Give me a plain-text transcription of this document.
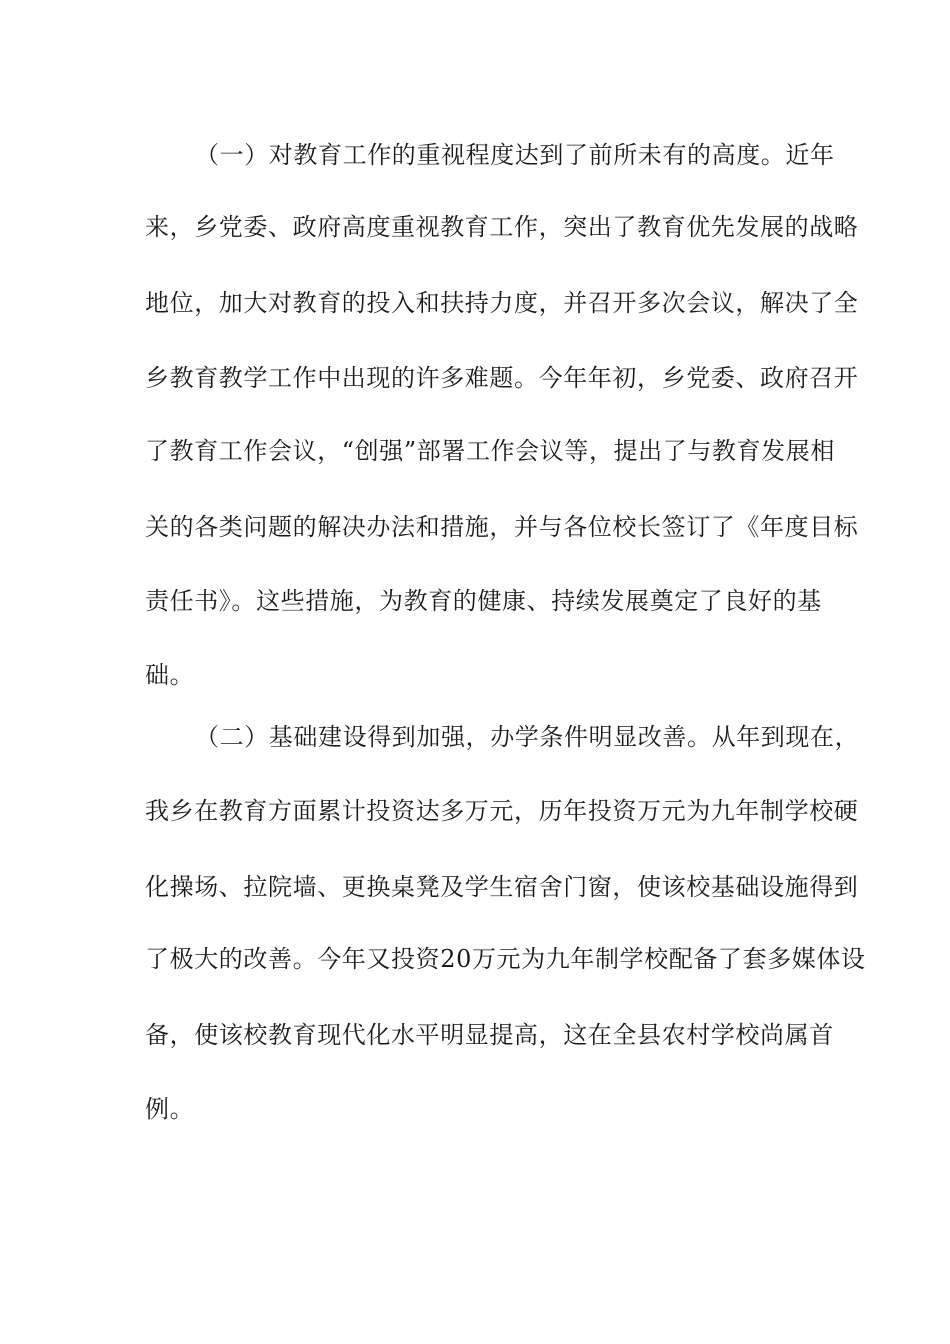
（一）对教育工作的重视程度达到了前所未有的高度。近年
来，乡党委、政府高度重视教育工作，突出了教育优先发展的战略
地位，加大对教育的投入和扶持力度，并召开多次会议，解决了全
乡教育教学工作中出现的许多难题。今年年初，乡党委、政府召开
了教育工作会议，“创强”部署工作会议等，提出了与教育发展相
关的各类问题的解决办法和措施，并与各位校长签订了《年度目标
责任书》。这些措施，为教育的健康、持续发展奠定了良好的基
础。
（二）基础建设得到加强，办学条件明显改善。从年到现在，
我乡在教育方面累计投资达多万元，历年投资万元为九年制学校硬
化操场、拉院墙、更换桌凳及学生宿舍门窗，使该校基础设施得到
了极大的改善。今年又投资20万元为九年制学校配备了套多媒体设
备，使该校教育现代化水平明显提高，这在全县农村学校尚属首
例。
